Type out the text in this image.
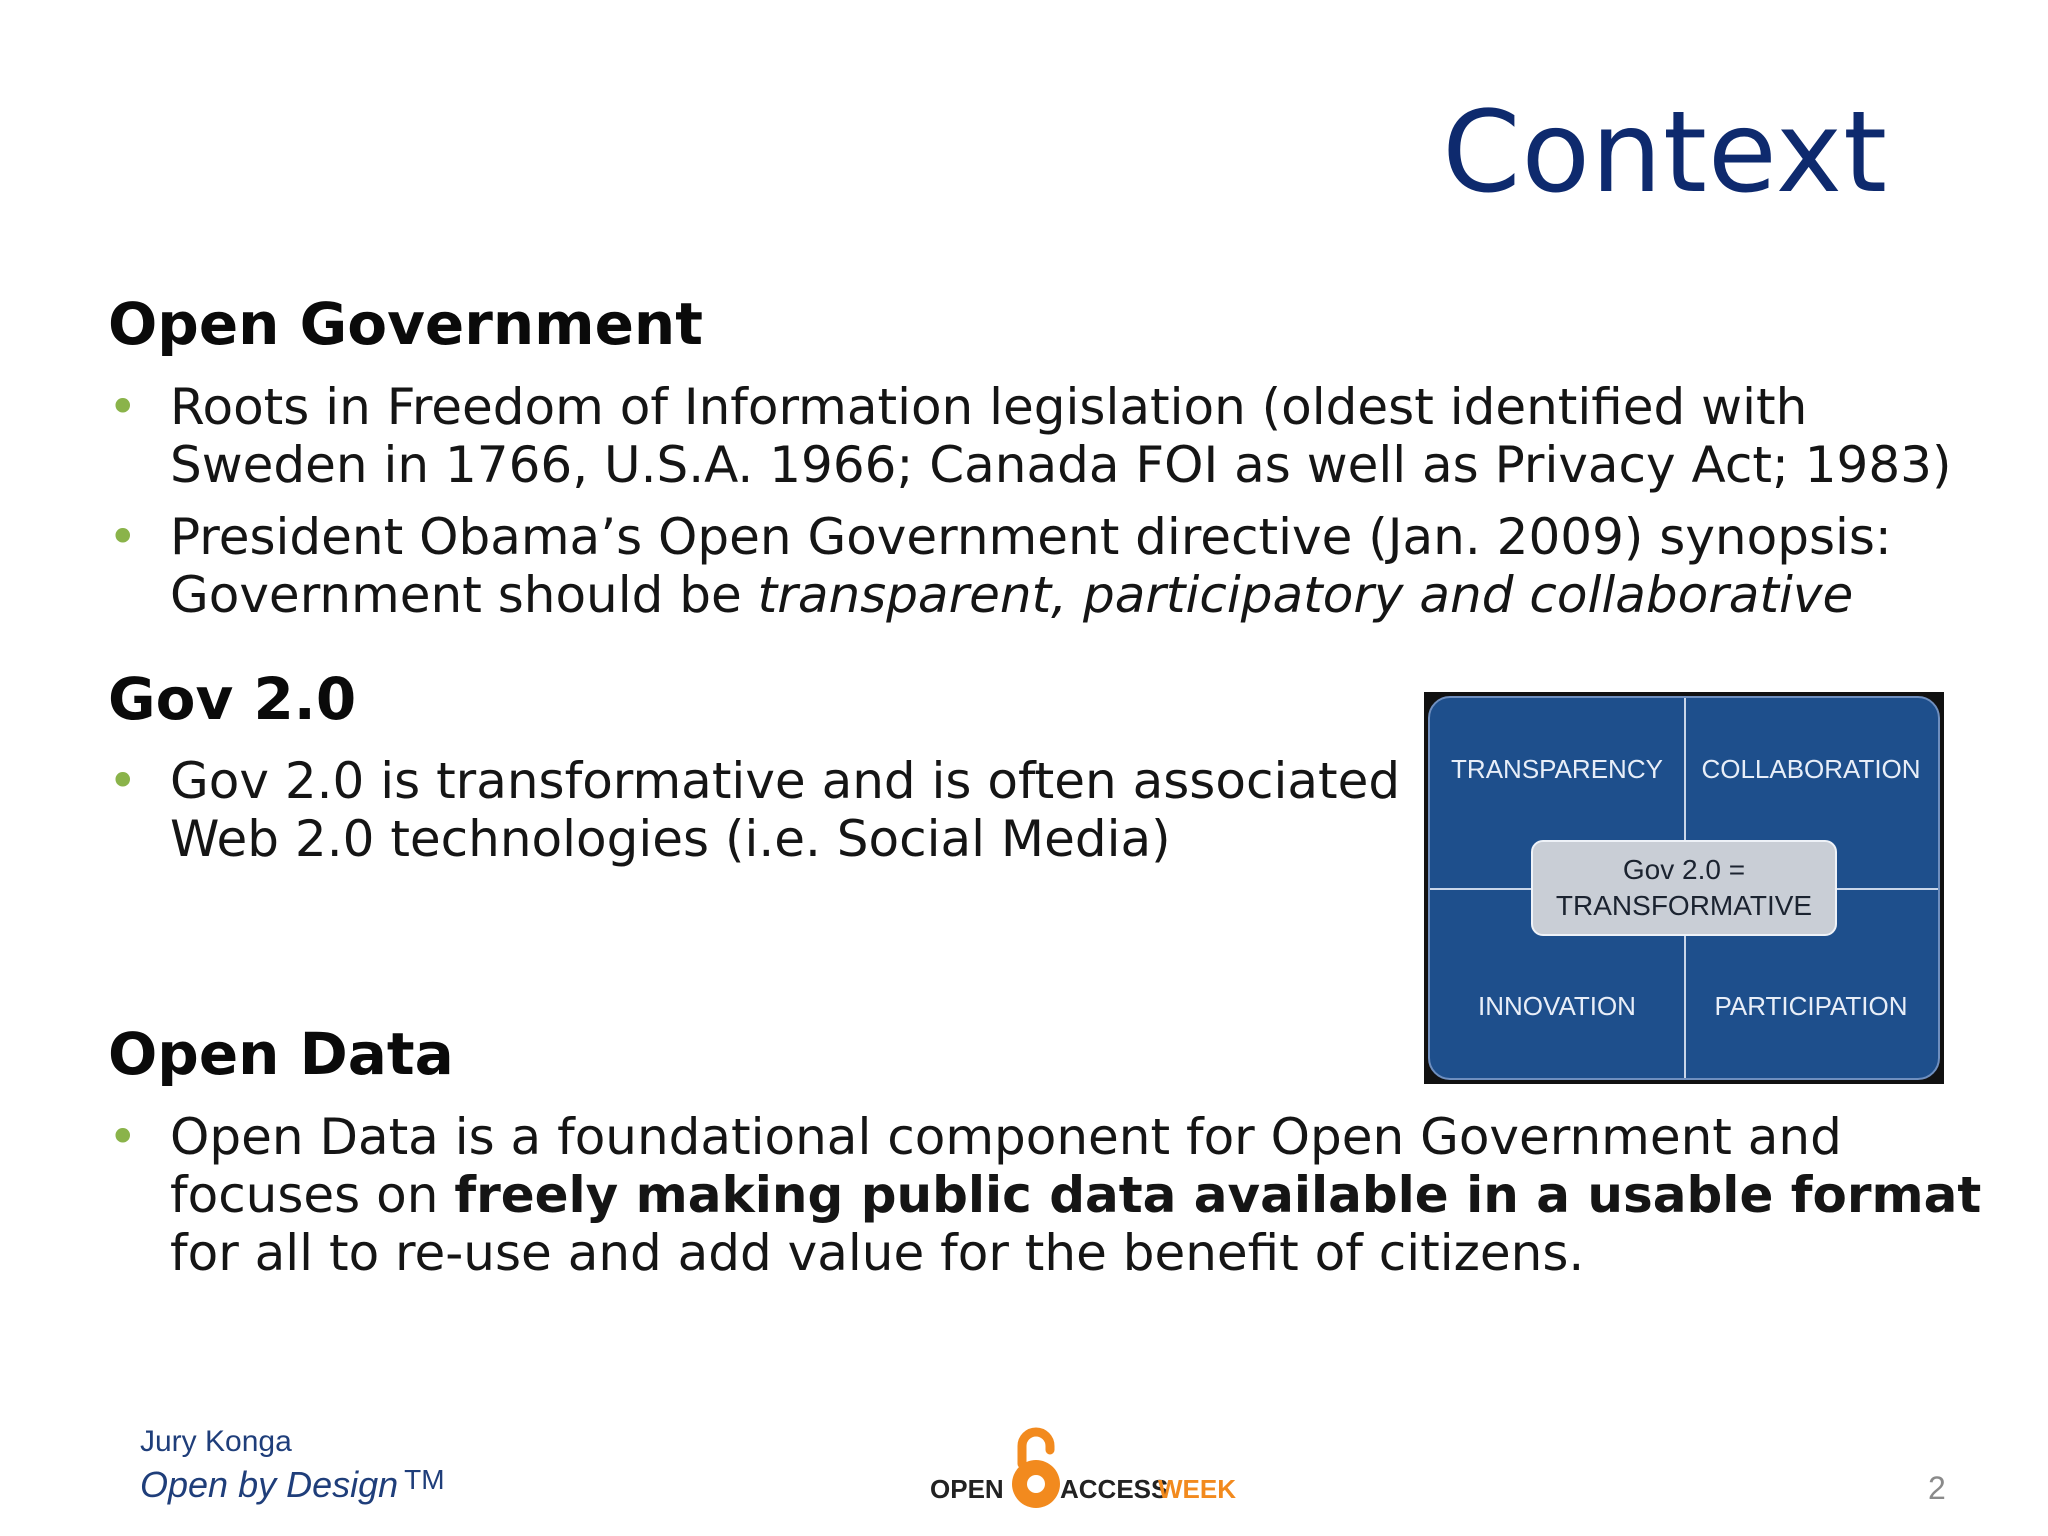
Context
Open Government
• Roots in Freedom of Information legislation (oldest identified with Sweden in 1766, U.S.A. 1966; Canada FOI as well as Privacy Act; 1983)
• President Obama’s Open Government directive (Jan. 2009) synopsis: Government should be transparent, participatory and collaborative
Gov 2.0
• Gov 2.0 is transformative and is often associated
Web 2.0 technologies (i.e. Social Media)
TRANSPARENCY	COLLABORATION
INNOVATION	PARTICIPATION
Gov 2.0 =
TRANSFORMATIVE
Open Data
• Open Data is a foundational component for Open Government and focuses on freely making public data available in a usable format for all to re-use and add value for the benefit of citizens.
Jury Konga
Open by Design ™	OPEN ACCESS
WEEK	2
